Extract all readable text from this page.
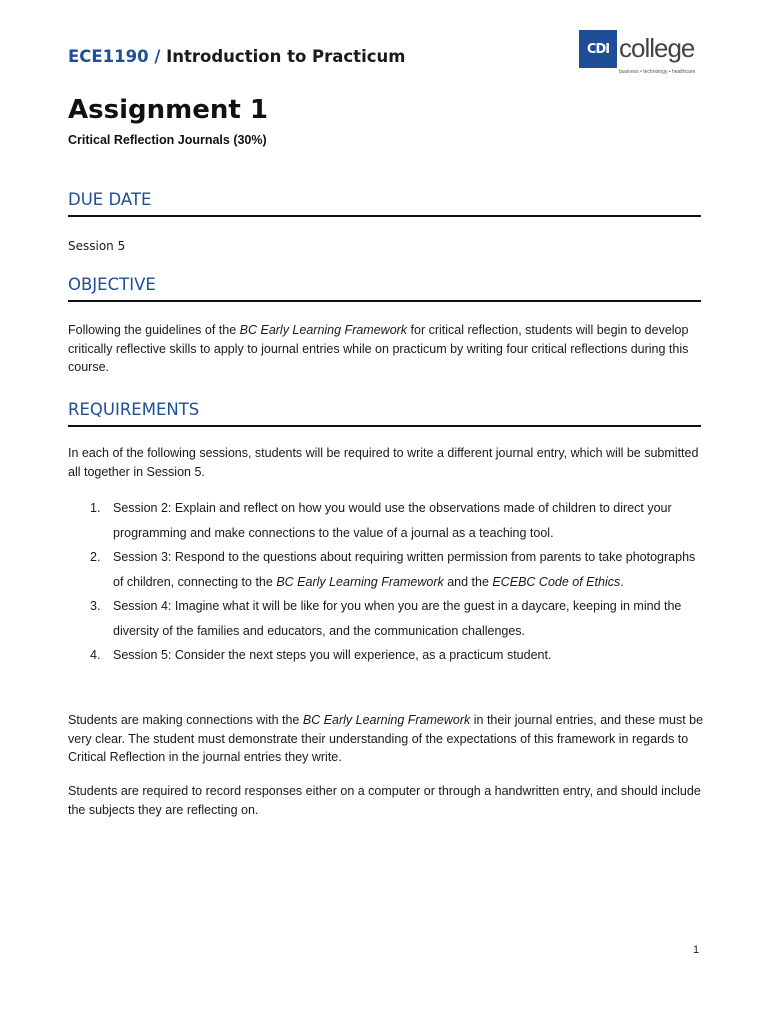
ECE1190 / Introduction to Practicum	CDI college
business • technology • healthcare
Assignment 1
Critical Reflection Journals (30%)
DUE DATE
Session 5
OBJECTIVE
Following the guidelines of the BC Early Learning Framework for critical reflection, students will begin to develop critically reflective skills to apply to journal entries while on practicum by writing four critical reflections during this course.
REQUIREMENTS
In each of the following sessions, students will be required to write a different journal entry, which will be submitted all together in Session 5.
1. Session 2: Explain and reflect on how you would use the observations made of children to direct your programming and make connections to the value of a journal as a teaching tool.
2. Session 3: Respond to the questions about requiring written permission from parents to take photographs of children, connecting to the BC Early Learning Framework and the ECEBC Code of Ethics.
3. Session 4: Imagine what it will be like for you when you are the guest in a daycare, keeping in mind the diversity of the families and educators, and the communication challenges.
4. Session 5: Consider the next steps you will experience, as a practicum student.
Students are making connections with the BC Early Learning Framework in their journal entries, and these must be very clear. The student must demonstrate their understanding of the expectations of this framework in regards to Critical Reflection in the journal entries they write.
Students are required to record responses either on a computer or through a handwritten entry, and should include the subjects they are reflecting on.
1
